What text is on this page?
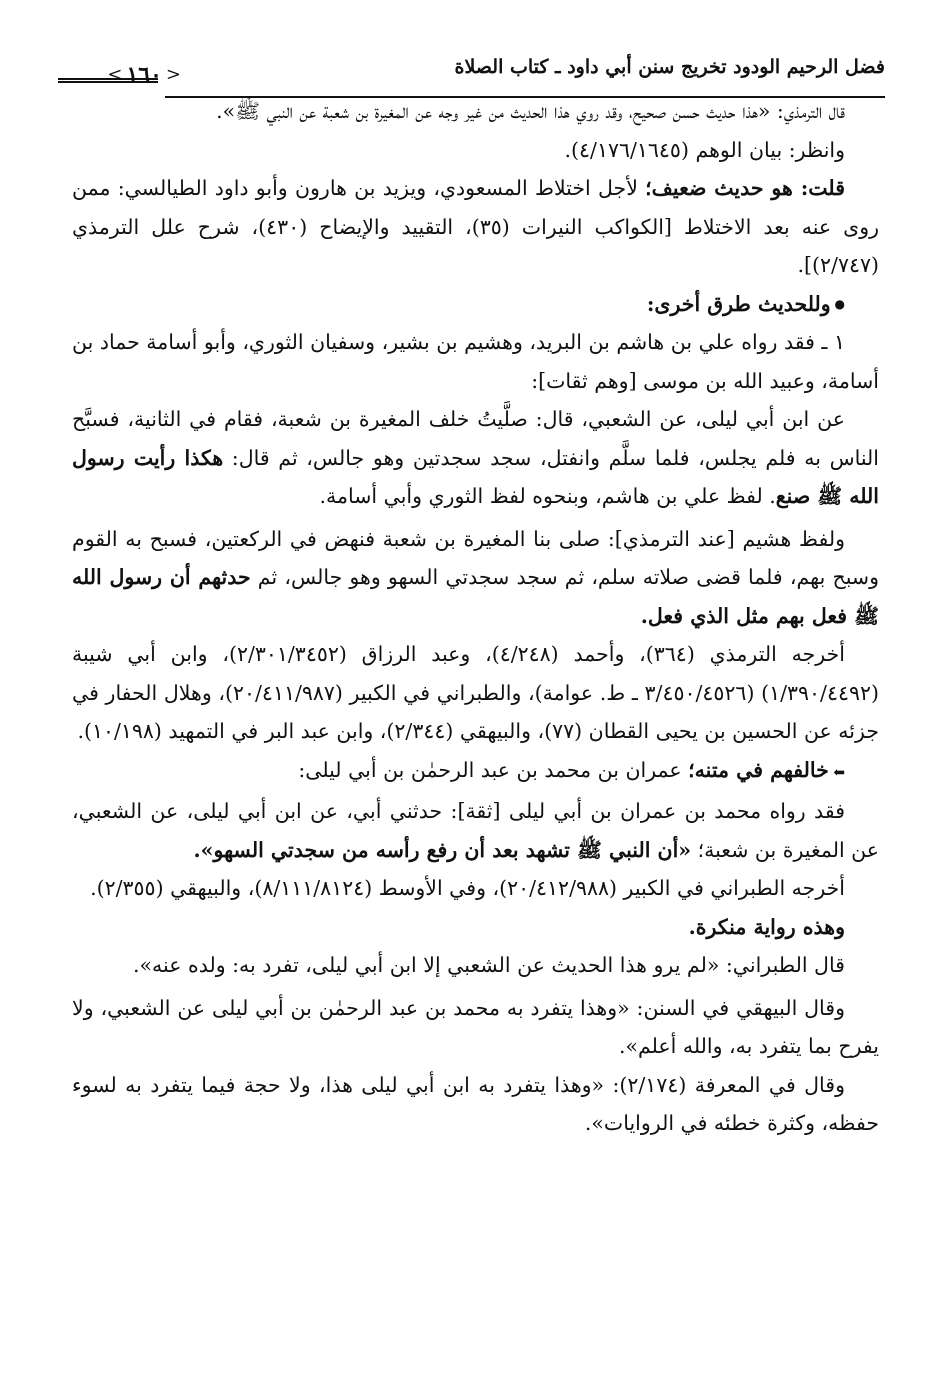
< ١٦٠ >	فضل الرحيم الودود تخريج سنن أبي داود ـ كتاب الصلاة

قال الترمذي: «هذا حديث حسن صحيح، وقد روي هذا الحديث من غير وجه عن المغيرة بن شعبة عن النبي ﷺ».

وانظر: بيان الوهم (٤/١٧٦/١٦٤٥).

قلت: هو حديث ضعيف؛ لأجل اختلاط المسعودي، ويزيد بن هارون وأبو داود الطيالسي: ممن روى عنه بعد الاختلاط [الكواكب النيرات (٣٥)، التقييد والإيضاح (٤٣٠)، شرح علل الترمذي (٢/٧٤٧)].

● وللحديث طرق أخرى:

١ ـ فقد رواه علي بن هاشم بن البريد، وهشيم بن بشير، وسفيان الثوري، وأبو أسامة حماد بن أسامة، وعبيد الله بن موسى [وهم ثقات]:

عن ابن أبي ليلى، عن الشعبي، قال: صلَّيتُ خلف المغيرة بن شعبة، فقام في الثانية، فسبَّح الناس به فلم يجلس، فلما سلَّم وانفتل، سجد سجدتين وهو جالس، ثم قال: هكذا رأيت رسول الله ﷺ صنع. لفظ علي بن هاشم، وبنحوه لفظ الثوري وأبي أسامة.

ولفظ هشيم [عند الترمذي]: صلى بنا المغيرة بن شعبة فنهض في الركعتين، فسبح به القوم وسبح بهم، فلما قضى صلاته سلم، ثم سجد سجدتي السهو وهو جالس، ثم حدثهم أن رسول الله ﷺ فعل بهم مثل الذي فعل.

أخرجه الترمذي (٣٦٤)، وأحمد (٤/٢٤٨)، وعبد الرزاق (٢/٣٠١/٣٤٥٢)، وابن أبي شيبة (١/٣٩٠/٤٤٩٢) (٣/٤٥٠/٤٥٢٦ ـ ط. عوامة)، والطبراني في الكبير (٢٠/٤١١/٩٨٧)، وهلال الحفار في جزئه عن الحسين بن يحيى القطان (٧٧)، والبيهقي (٢/٣٤٤)، وابن عبد البر في التمهيد (١٠/١٩٨).

⬅ خالفهم في متنه؛ عمران بن محمد بن عبد الرحمٰن بن أبي ليلى:

فقد رواه محمد بن عمران بن أبي ليلى [ثقة]: حدثني أبي، عن ابن أبي ليلى، عن الشعبي، عن المغيرة بن شعبة؛ «أن النبي ﷺ تشهد بعد أن رفع رأسه من سجدتي السهو».

أخرجه الطبراني في الكبير (٢٠/٤١٢/٩٨٨)، وفي الأوسط (٨/١١١/٨١٢٤)، والبيهقي (٢/٣٥٥).

وهذه رواية منكرة.

قال الطبراني: «لم يرو هذا الحديث عن الشعبي إلا ابن أبي ليلى، تفرد به: ولده عنه».

وقال البيهقي في السنن: «وهذا يتفرد به محمد بن عبد الرحمٰن بن أبي ليلى عن الشعبي، ولا يفرح بما يتفرد به، والله أعلم».

وقال في المعرفة (٢/١٧٤): «وهذا يتفرد به ابن أبي ليلى هذا، ولا حجة فيما يتفرد به لسوء حفظه، وكثرة خطئه في الروايات».
